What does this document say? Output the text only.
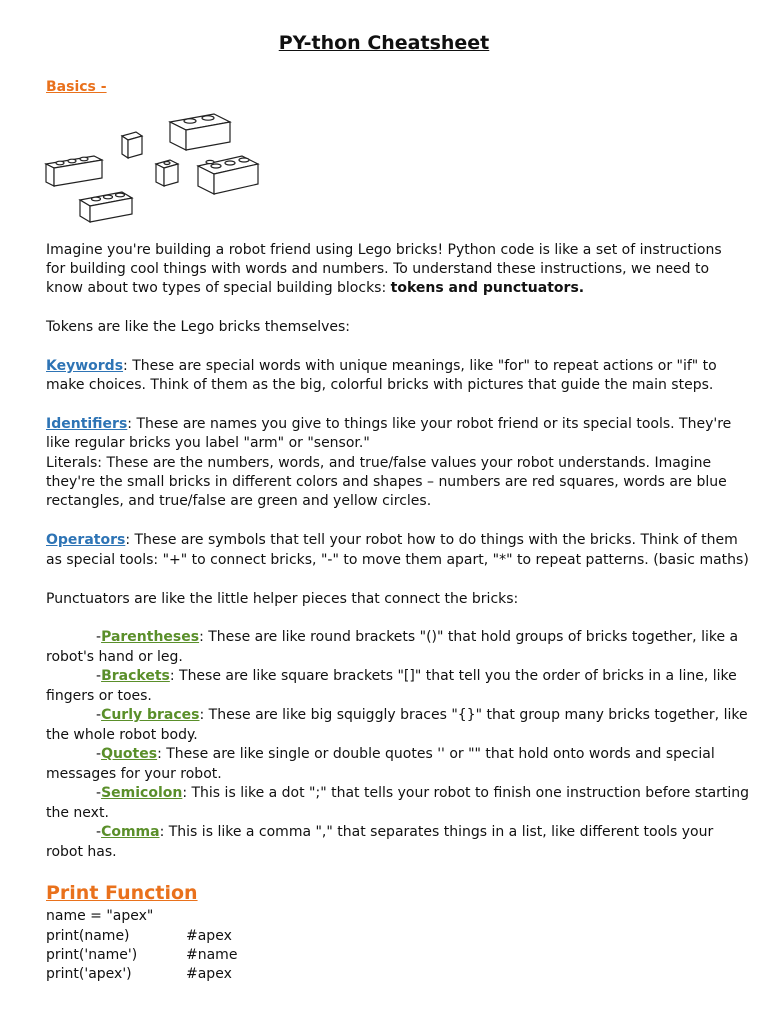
PY-thon Cheatsheet
Basics -
Imagine you're building a robot friend using Lego bricks! Python code is like a set of instructions
for building cool things with words and numbers. To understand these instructions, we need to
know about two types of special building blocks: tokens and punctuators.
Tokens are like the Lego bricks themselves:
Keywords: These are special words with unique meanings, like "for" to repeat actions or "if" to
make choices. Think of them as the big, colorful bricks with pictures that guide the main steps.
Identifiers: These are names you give to things like your robot friend or its special tools. They're
like regular bricks you label "arm" or "sensor."
Literals: These are the numbers, words, and true/false values your robot understands. Imagine
they're the small bricks in different colors and shapes – numbers are red squares, words are blue
rectangles, and true/false are green and yellow circles.
Operators: These are symbols that tell your robot how to do things with the bricks. Think of them
as special tools: "+" to connect bricks, "-" to move them apart, "*" to repeat patterns. (basic maths)
Punctuators are like the little helper pieces that connect the bricks:
-Parentheses: These are like round brackets "()" that hold groups of bricks together, like a
robot's hand or leg.
-Brackets: These are like square brackets "[]" that tell you the order of bricks in a line, like
fingers or toes.
-Curly braces: These are like big squiggly braces "{}" that group many bricks together, like
the whole robot body.
-Quotes: These are like single or double quotes '' or "" that hold onto words and special
messages for your robot.
-Semicolon: This is like a dot ";" that tells your robot to finish one instruction before starting
the next.
-Comma: This is like a comma "," that separates things in a list, like different tools your
robot has.
Print Function
name = "apex"
print(name)	#apex
print('name')	#name
print('apex')	#apex
